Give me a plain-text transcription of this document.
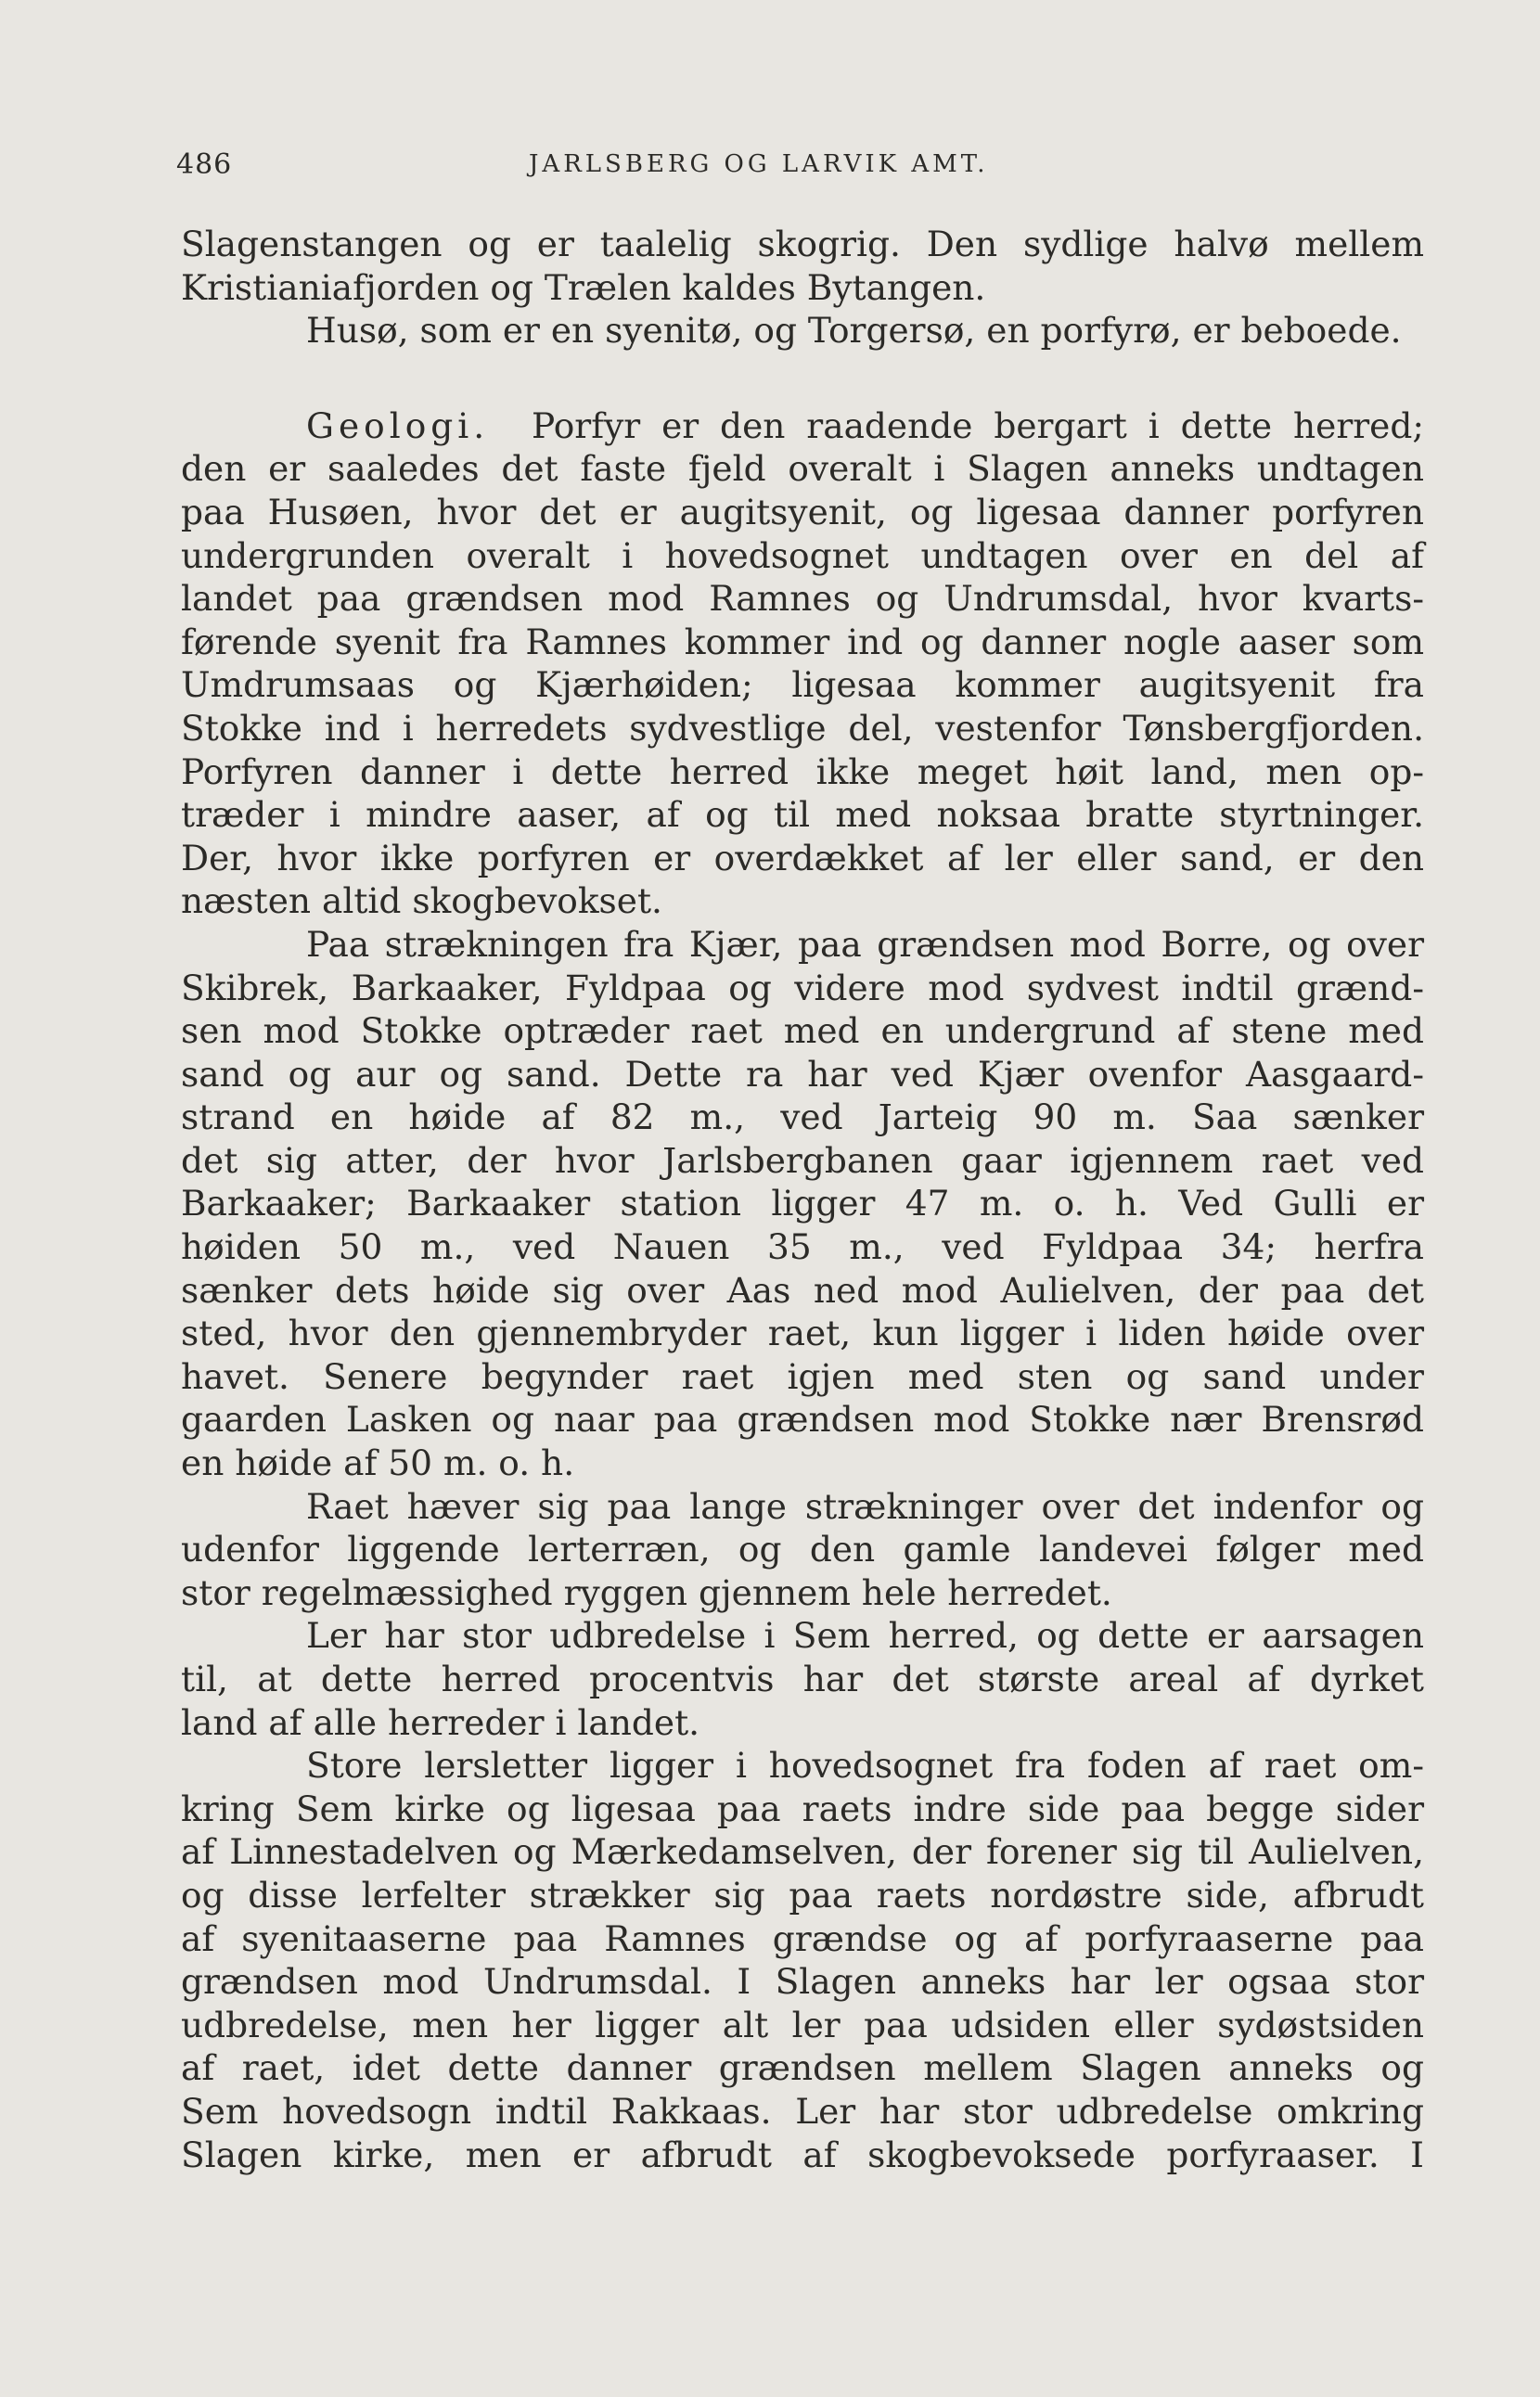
486	JARLSBERG OG LARVIK AMT.
Slagenstangen og er taalelig skogrig. Den sydlige halvø mellem
Kristianiafjorden og Trælen kaldes Bytangen.
Husø, som er en syenitø, og Torgersø, en porfyrø, er beboede.
Geologi. Porfyr er den raadende bergart i dette herred;
den er saaledes det faste fjeld overalt i Slagen anneks undtagen
paa Husøen, hvor det er augitsyenit, og ligesaa danner porfyren
undergrunden overalt i hovedsognet undtagen over en del af
landet paa grændsen mod Ramnes og Undrumsdal, hvor kvarts-
førende syenit fra Ramnes kommer ind og danner nogle aaser som
Umdrumsaas og Kjærhøiden; ligesaa kommer augitsyenit fra
Stokke ind i herredets sydvestlige del, vestenfor Tønsbergfjorden.
Porfyren danner i dette herred ikke meget høit land, men op-
træder i mindre aaser, af og til med noksaa bratte styrtninger.
Der, hvor ikke porfyren er overdækket af ler eller sand, er den
næsten altid skogbevokset.
Paa strækningen fra Kjær, paa grændsen mod Borre, og over
Skibrek, Barkaaker, Fyldpaa og videre mod sydvest indtil grænd-
sen mod Stokke optræder raet med en undergrund af stene med
sand og aur og sand. Dette ra har ved Kjær ovenfor Aasgaard-
strand en høide af 82 m., ved Jarteig 90 m. Saa sænker
det sig atter, der hvor Jarlsbergbanen gaar igjennem raet ved
Barkaaker; Barkaaker station ligger 47 m. o. h. Ved Gulli er
høiden 50 m., ved Nauen 35 m., ved Fyldpaa 34; herfra
sænker dets høide sig over Aas ned mod Aulielven, der paa det
sted, hvor den gjennembryder raet, kun ligger i liden høide over
havet. Senere begynder raet igjen med sten og sand under
gaarden Lasken og naar paa grændsen mod Stokke nær Brensrød
en høide af 50 m. o. h.
Raet hæver sig paa lange strækninger over det indenfor og
udenfor liggende lerterræn, og den gamle landevei følger med
stor regelmæssighed ryggen gjennem hele herredet.
Ler har stor udbredelse i Sem herred, og dette er aarsagen
til, at dette herred procentvis har det største areal af dyrket
land af alle herreder i landet.
Store lersletter ligger i hovedsognet fra foden af raet om-
kring Sem kirke og ligesaa paa raets indre side paa begge sider
af Linnestadelven og Mærkedamselven, der forener sig til Aulielven,
og disse lerfelter strækker sig paa raets nordøstre side, afbrudt
af syenitaaserne paa Ramnes grændse og af porfyraaserne paa
grændsen mod Undrumsdal. I Slagen anneks har ler ogsaa stor
udbredelse, men her ligger alt ler paa udsiden eller sydøstsiden
af raet, idet dette danner grændsen mellem Slagen anneks og
Sem hovedsogn indtil Rakkaas. Ler har stor udbredelse omkring
Slagen kirke, men er afbrudt af skogbevoksede porfyraaser. I
